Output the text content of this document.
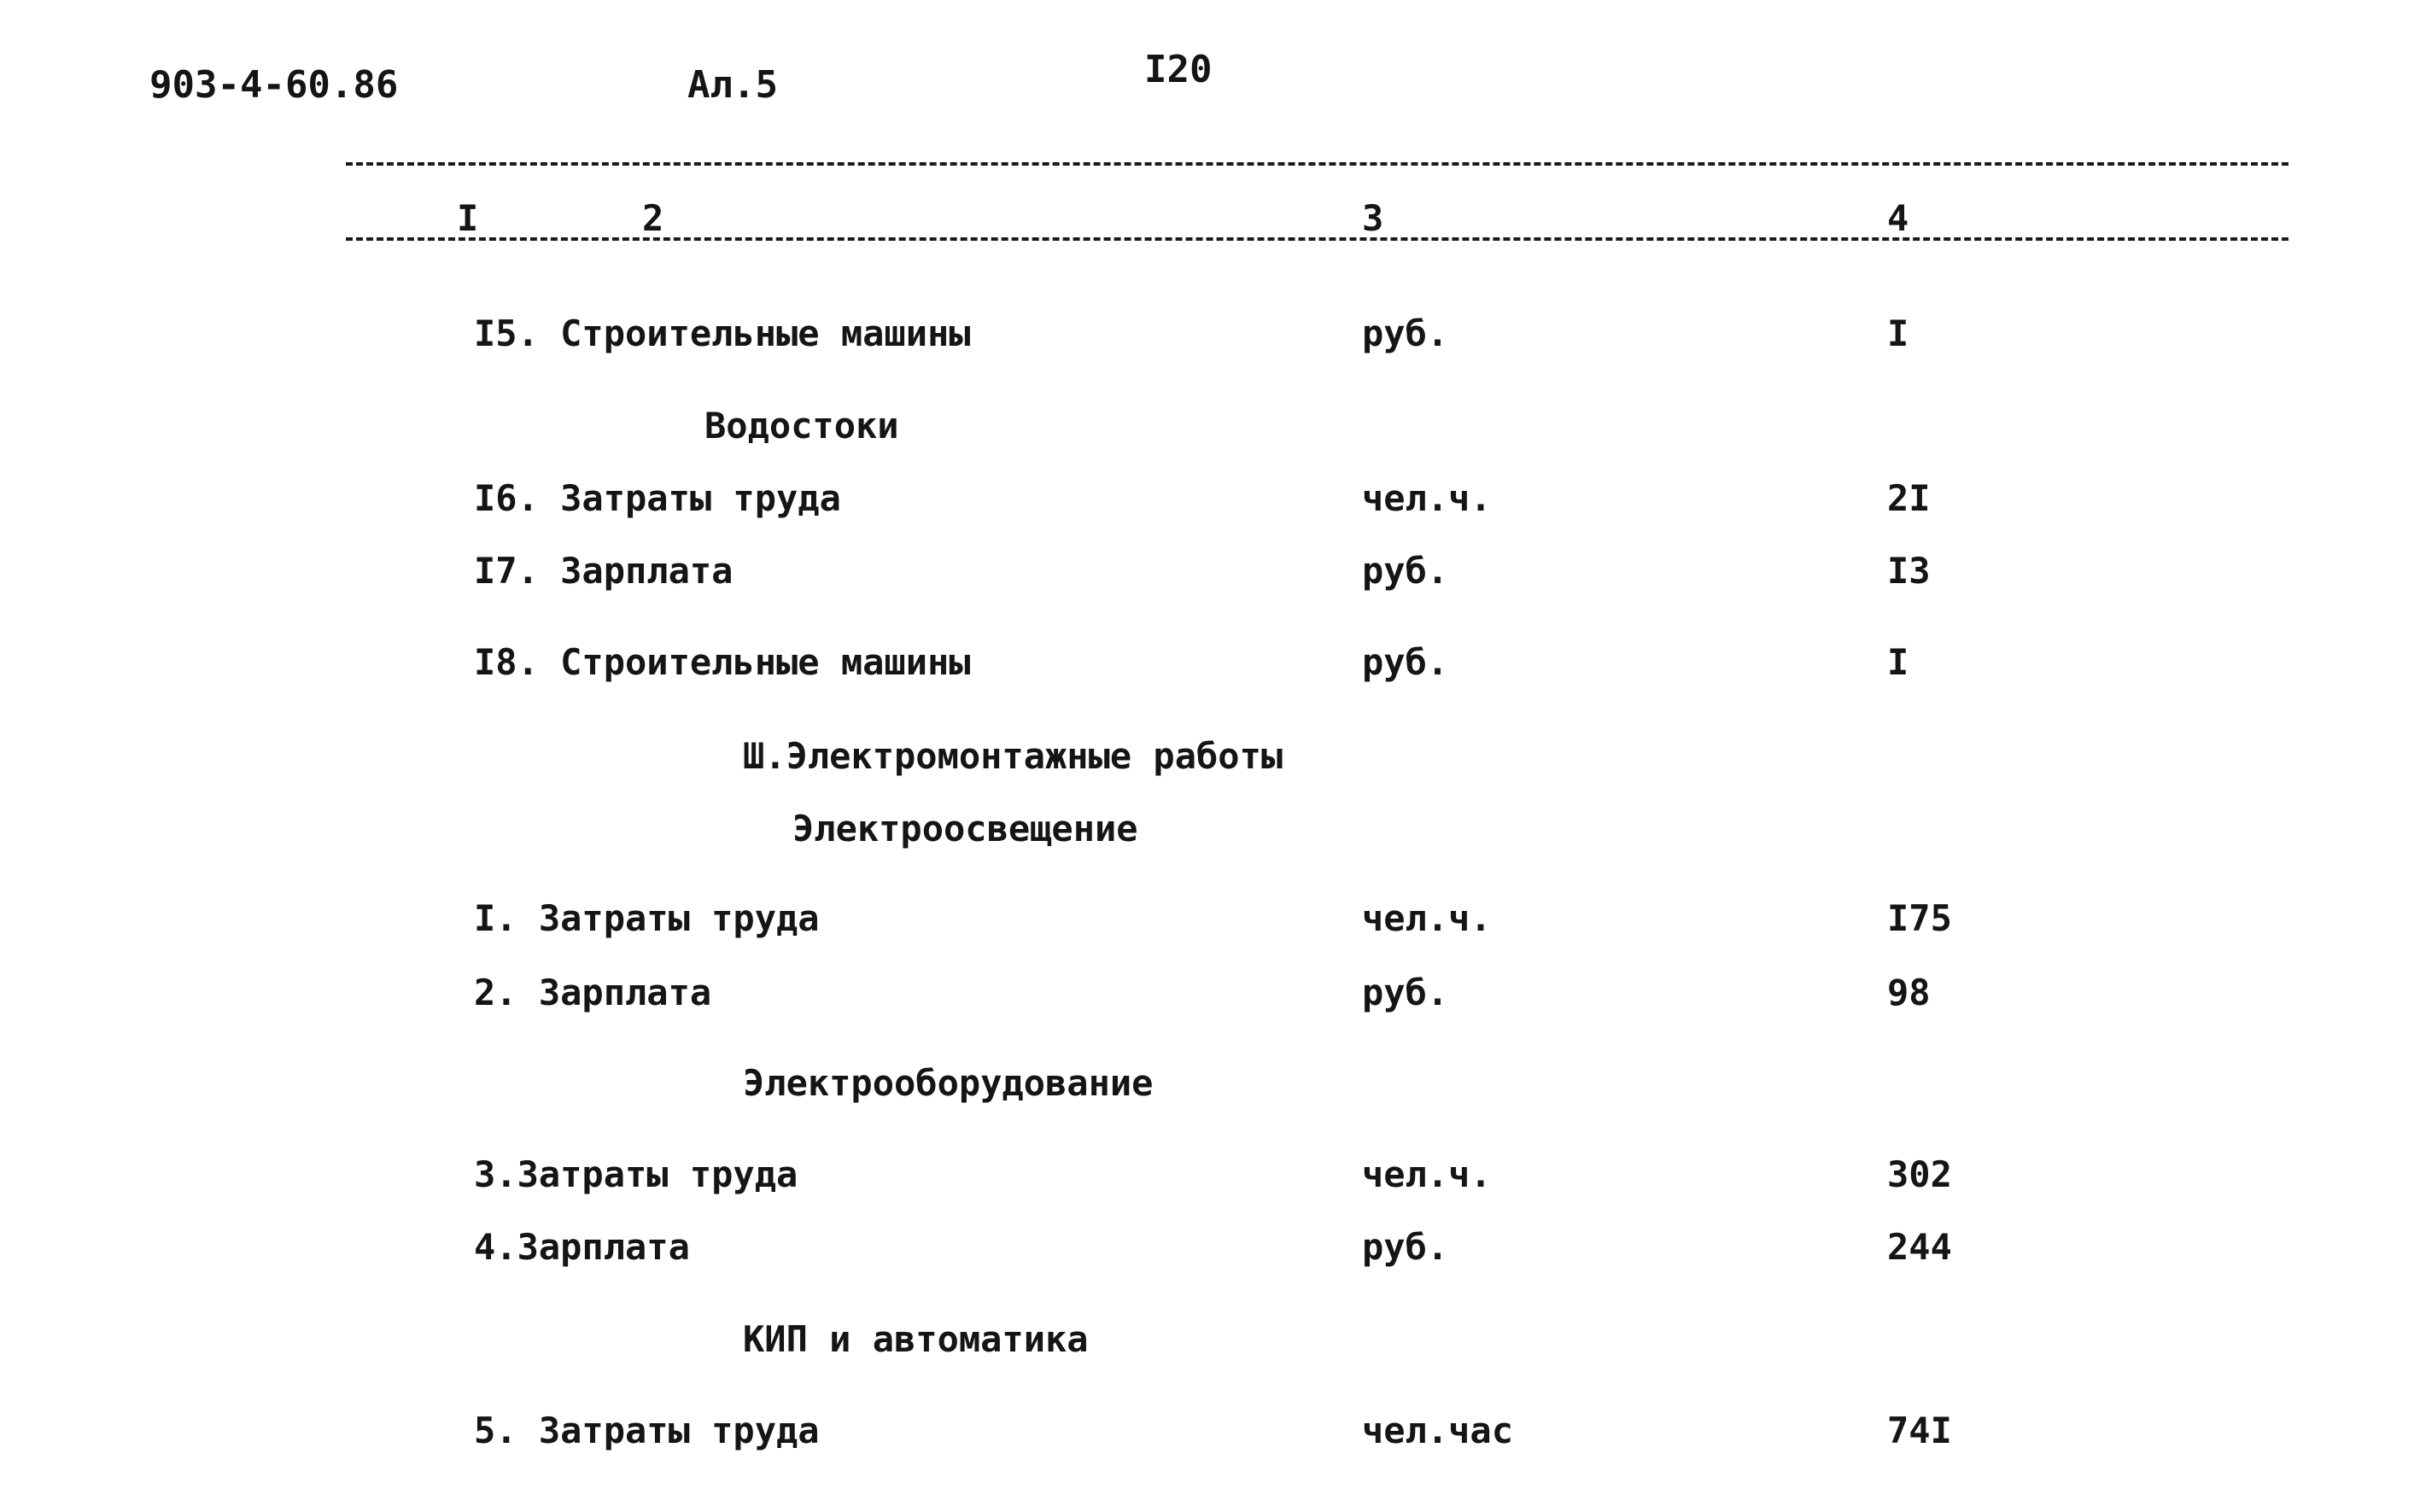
903-4-60.86	Ал.5	I20
I	2	3	4
I5. Строительные машины	руб.	I
Водостоки
I6. Затраты труда	чел.ч.	2I
I7. Зарплата	руб.	I3
I8. Строительные машины	руб.	I
Ш.Электромонтажные работы
Электроосвещение
I. Затраты труда	чел.ч.	I75
2. Зарплата	руб.	98
Электрооборудование
3.Затраты труда	чел.ч.	302
4.Зарплата	руб.	244
КИП и автоматика
5. Затраты труда	чел.час	74I
